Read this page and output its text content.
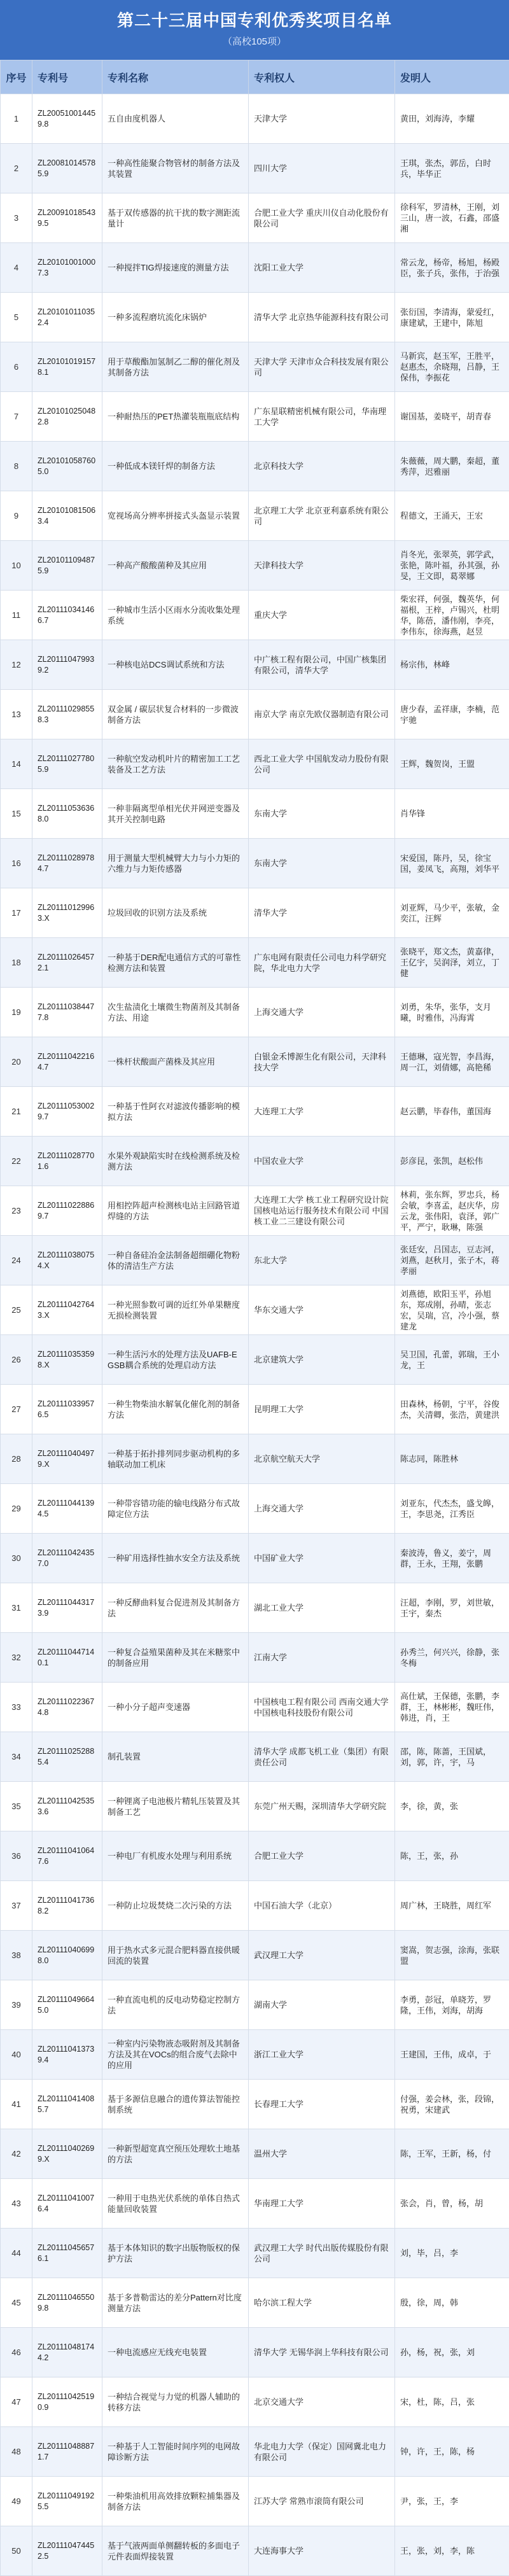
第二十三届中国专利优秀奖项目名单
（高校105项）
序号	专利号	专利名称	专利权人	发明人

1	ZL200510014459.8	五自由度机器人	天津大学	黄田，刘海涛，李耀

2	ZL200810145785.9	一种高性能聚合物管材的制备方法及其装置	四川大学	王琪，张杰，郭岳，白时兵，毕华正

3	ZL200910185439.5	基于双传感器的抗干扰的数字测距流量计	合肥工业大学 重庆川仪自动化股份有限公司	徐科军，罗清林，王刚，刘三山，唐一波，石鑫，邵盛湘

4	ZL201010010007.3	一种搅拌TIG焊接速度的测量方法	沈阳工业大学	常云龙，杨帝，杨旭，杨殿臣，张子兵，张伟，于治强

5	ZL201010110352.4	一种多流程磨坑流化床锅炉	清华大学 北京热华能源科技有限公司	张衍国，李清海，蒙爱红，康建斌，王建中，陈旭

6	ZL201010191578.1	用于草酸酯加氢制乙二醇的催化剂及其制备方法	天津大学 天津市众合科技发展有限公司	马新宾，赵玉军，王胜平，赵惠杰，余晓翔，吕静，王保伟，李振花

7	ZL201010250482.8	一种耐热压的PET热灌装瓶瓶底结构	广东星联精密机械有限公司，华南理工大学	谢国基，姜晓平，胡青春

8	ZL201010587605.0	一种低成本镁钎焊的制备方法	北京科技大学	朱薇薇，周大鹏，秦超，董秀萍，迟雅丽

9	ZL201010815063.4	宽视场高分辨率拼接式头盔显示装置	北京理工大学 北京亚利嘉系统有限公司	程德文，王涌天，王宏

10	ZL201011094875.9	一种高产酸酸菌种及其应用	天津科技大学	肖冬光，张翠英，郭学武，张艳，陈叶福，孙其强，孙旻，王文即，葛翠娜

11	ZL201110341466.7	一种城市生活小区雨水分流收集处理系统	重庆大学	柴宏祥，何强，魏英华，何福根，王梓，卢锡兴，杜明华，陈蓓，潘伟刚，李亮，李伟东，徐海燕，赵昱

12	ZL201110479939.2	一种核电站DCS调试系统和方法	中广核工程有限公司，中国广核集团有限公司，清华大学	杨宗伟，林峰

13	ZL201110298558.3	双金属 / 碳层状复合材料的一步微波制备方法	南京大学 南京先欧仪器制造有限公司	唐少春，孟祥康，李楠，范宇驰

14	ZL201110277805.9	一种航空发动机叶片的精密加工工艺装备及工艺方法	西北工业大学 中国航发动力股份有限公司	王辉，魏贺岗，王盟

15	ZL201110536368.0	一种非隔离型单相光伏并网逆变器及其开关控制电路	东南大学	肖华锋

16	ZL201110289784.7	用于测量大型机械臂大力与小力矩的六维力与力矩传感器	东南大学	宋爱国，陈丹，吴，徐宝国，姜凤飞，高翔，刘华平

17	ZL201110129963.X	垃圾回收的识别方法及系统	清华大学	刘亚辉，马少平，张敏，金奕江，汪辉

18	ZL201110264572.1	一种基于DER配电通信方式的可靠性检测方法和装置	广东电网有限责任公司电力科学研究院，华北电力大学	张晓平，郑文杰，黄嘉律，王亿宇，吴润泽，刘立，丁健

19	ZL201110384477.8	次生盐渍化土壤微生物菌剂及其制备方法、用途	上海交通大学	刘勇，朱华，张华，支月曦，时雅伟，冯海霄

20	ZL201110422164.7	一株杆状酸面产菌株及其应用	白银金禾博源生化有限公司，天津科技大学	王德琳，寇光智，李昌海，周一江，刘倩娜，高艳稀

21	ZL201110530029.7	一种基于性阿衣对滤波传播影响的模拟方法	大连理工大学	赵云鹏，毕春伟，董国海

22	ZL201110287701.6	水果外观缺陷实时在线检测系统及检测方法	中国农业大学	彭彦昆，张凯，赵松伟

23	ZL201110228869.7	用相控阵超声检测核电站主回路管道焊缝的方法	大连理工大学 核工业工程研究设计院 国核电站运行服务技术有限公司 中国核工业二三建设有限公司	林莉，张东辉，罗忠兵，杨会敏，李喜孟，赵庆华，房云龙，张伟阳，袁泽，郭广平，严宁，耿琳，陈强

24	ZL201110380754.X	一种自备硅冶金法制备超细硼化物粉体的清洁生产方法	东北大学	张廷安，吕国志，豆志河，刘燕，赵秋月，张子木，蒋孝丽

25	ZL201110427643.X	一种光照参数可调的近红外单果糖度无损检测装置	华东交通大学	刘燕德，欧阳玉平，孙旭东，郑成刚，孙晴，张志宏，吴瑞，宫，冷小强，蔡建龙

26	ZL201110353598.X	一种生活污水的处理方法及UAFB-EGSB耦合系统的处理启动方法	北京建筑大学	吴卫国，孔蕾，郭瑞，王小龙，王

27	ZL201110339576.5	一种生物柴油水解氧化催化剂的制备方法	昆明理工大学	田森林，杨朝，宁平，谷俊杰，关清卿，张浩，黄建洪

28	ZL201110404979.X	一种基于拓扑排列同步驱动机构的多轴联动加工机床	北京航空航天大学	陈志同，陈胜林

29	ZL201110441394.5	一种带容错功能的输电线路分布式故障定位方法	上海交通大学	刘亚东，代杰杰，盛戈皞，王，李思尧，江秀臣

30	ZL201110424357.0	一种矿用选择性抽水安全方法及系统	中国矿业大学	秦波涛，鲁义，姜宁，周群，王永，王翔，张鹏

31	ZL201110443173.9	一种反酵曲料复合促进剂及其制备方法	湖北工业大学	汪超，李刚，罗，刘世敏，王宇，秦杰

32	ZL201110447140.1	一种复合益殖果菌种及其在米糖浆中的制备应用	江南大学	孙秀兰，何兴兴，徐静，张冬梅

33	ZL201110223674.8	一种小分子超声变速器	中国核电工程有限公司 西南交通大学 中国核电科技股份有限公司	高仕斌，王保德，张鹏，李群，王，林彬彬，魏旺伟，韩进，肖，王

34	ZL201110252885.4	制孔装置	清华大学 成都飞机工业（集团）有限责任公司	邵，陈，陈蔷，王国斌，刘，郭，许，宇，马

35	ZL201110425353.6	一种锂离子电池极片精轧压装置及其制备工艺	东莞广州天赐，深圳清华大学研究院	李，徐，黄，张

36	ZL201110410647.6	一种电厂有机废水处理与利用系统	合肥工业大学	陈，王，张，孙

37	ZL201110417368.2	一种防止垃圾焚烧二次污染的方法	中国石油大学（北京）	周广林，王晓胜，周红军

38	ZL201110406998.0	用于热水式多元混合肥料器直接供暖回流的装置	武汉理工大学	窦嵩，贺志强，涂海，张联盟

39	ZL201110496645.0	一种直流电机的反电动势稳定控制方法	湖南大学	李勇，彭冠，单晓芳，罗隆，王伟，刘海，胡海

40	ZL201110413739.4	一种室内污染物液态吸附剂及其制备方法及其在VOCs的组合废气去除中的应用	浙江工业大学	王建国，王伟，成卓，于

41	ZL201110414085.7	基于多源信息融合的遗传算法智能控制系统	长春理工大学	付强，姜会林，张，段锦，祝勇，宋建武

42	ZL201110402699.X	一种新型超宽真空预压处理软土地基的方法	温州大学	陈，王军，王新，杨，付

43	ZL201110410076.4	一种用于电热光伏系统的单体自热式能量回收装置	华南理工大学	张会，肖，曾，杨，胡

44	ZL201110456576.1	基于本体知识的数字出版物版权的保护方法	武汉理工大学 时代出版传媒股份有限公司	刘，毕，吕，李

45	ZL201110465509.8	基于多普勒雷达的差分Pattern对比度测量方法	哈尔滨工程大学	殷，徐，周，韩

46	ZL201110481744.2	一种电流感应无线充电装置	清华大学 无锡华润上华科技有限公司	孙，杨，祝，张，刘

47	ZL201110425190.9	一种结合视觉与力觉的机器人辅助的转移方法	北京交通大学	宋，杜，陈，吕，张

48	ZL201110488871.7	一种基于人工智能时间序列的电网故障诊断方法	华北电力大学（保定）国网冀北电力有限公司	钟，许，王，陈，杨

49	ZL201110491925.5	一种柴油机用高效排放颗粒捕集器及制备方法	江苏大学 常熟市滚筒有限公司	尹，张，王，李

50	ZL201110474452.5	基于气液两面单侧翻转板的多面电子元件表面焊接装置	大连海事大学	王，张，刘，李，陈
